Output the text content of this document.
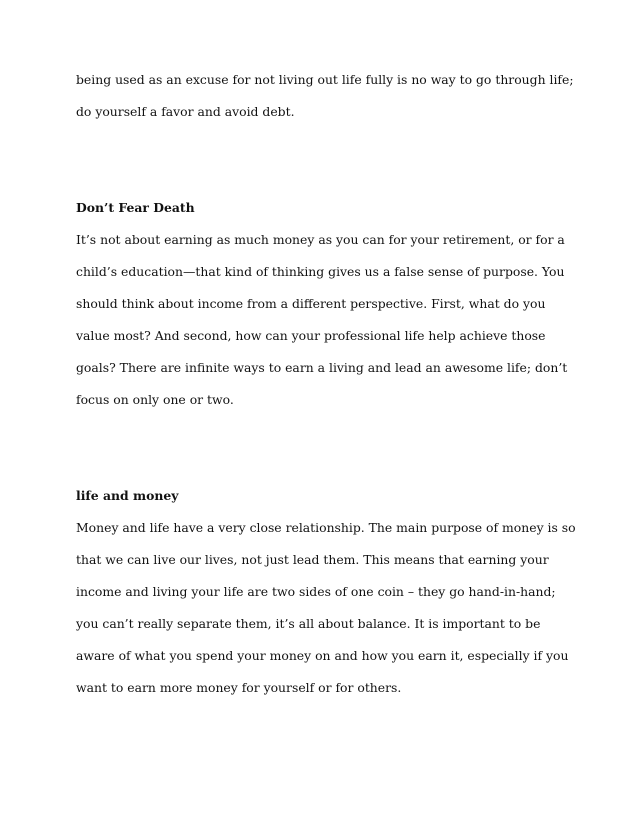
being used as an excuse for not living out life fully is no way to go through life;
do yourself a favor and avoid debt.
Don’t Fear Death
It’s not about earning as much money as you can for your retirement, or for a
child’s education—that kind of thinking gives us a false sense of purpose. You
should think about income from a different perspective. First, what do you
value most? And second, how can your professional life help achieve those
goals? There are infinite ways to earn a living and lead an awesome life; don’t
focus on only one or two.
life and money
Money and life have a very close relationship. The main purpose of money is so
that we can live our lives, not just lead them. This means that earning your
income and living your life are two sides of one coin – they go hand-in-hand;
you can’t really separate them, it’s all about balance. It is important to be
aware of what you spend your money on and how you earn it, especially if you
want to earn more money for yourself or for others.
